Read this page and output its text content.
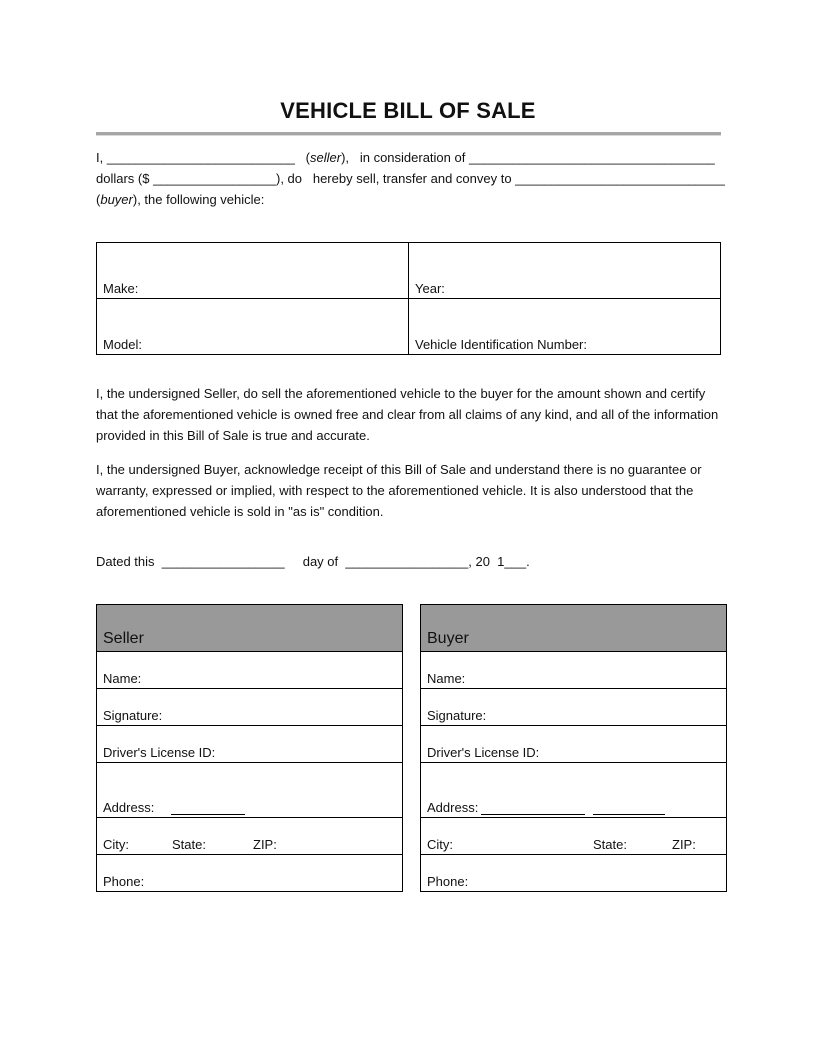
VEHICLE BILL OF SALE
I, __________________________   (seller),   in consideration of __________________________________
dollars ($ _________________), do   hereby sell, transfer and convey to _____________________________
(buyer), the following vehicle:
Make:	Year:
Model:	Vehicle Identification Number:
I, the undersigned Seller, do sell the aforementioned vehicle to the buyer for the amount shown and certify that the aforementioned vehicle is owned free and clear from all claims of any kind, and all of the information provided in this Bill of Sale is true and accurate.
I, the undersigned Buyer, acknowledge receipt of this Bill of Sale and understand there is no guarantee or warranty, expressed or implied, with respect to the aforementioned vehicle. It is also understood that the aforementioned vehicle is sold in "as is" condition.
Dated this  _________________     day of  _________________, 20  1___.
Seller
Name:
Signature:
Driver's License ID:
Address:
City:	State:	ZIP:
Phone:
Buyer
Name:
Signature:
Driver's License ID:
Address:
City:	State:	ZIP:
Phone:
